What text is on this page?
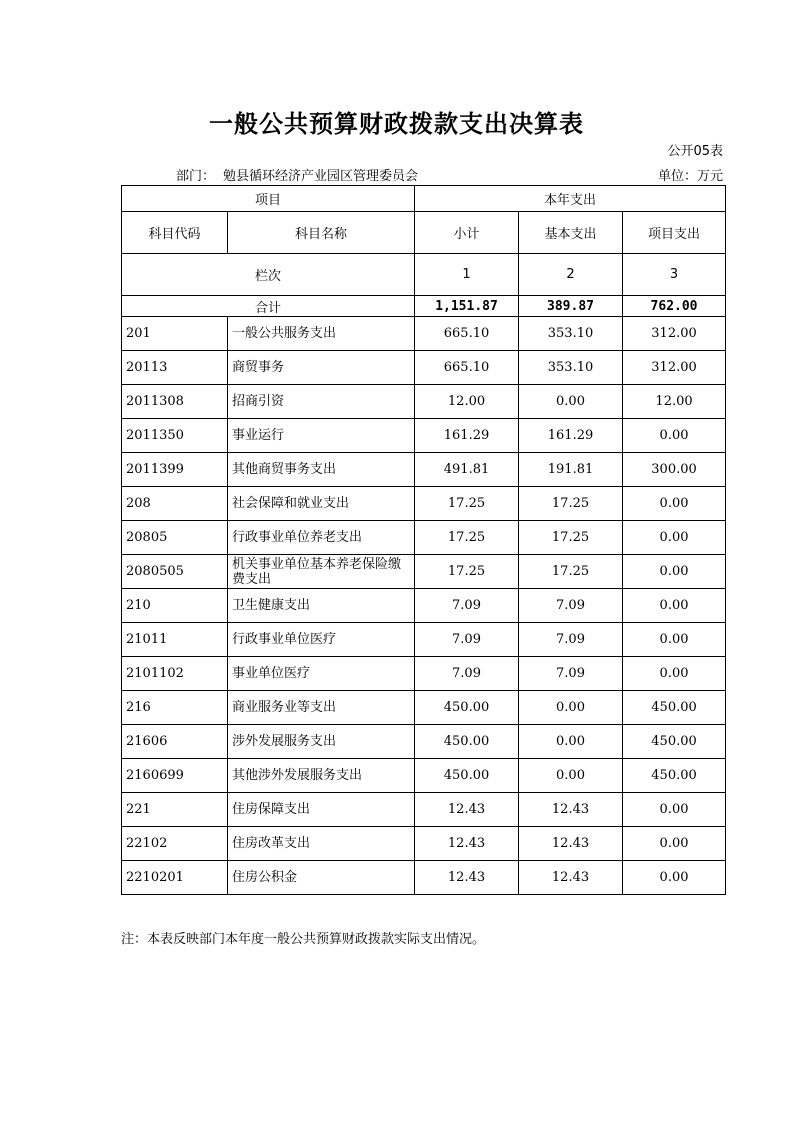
一般公共预算财政拨款支出决算表
公开05表
部门： 勉县循环经济产业园区管理委员会	单位：万元
项目		本年支出		
科目代码	科目名称	小计	基本支出	项目支出
栏次		1	2	3
合计		1,151.87	389.87	762.00
201	一般公共服务支出	665.10	353.10	312.00
20113	商贸事务	665.10	353.10	312.00
2011308	招商引资	12.00	0.00	12.00
2011350	事业运行	161.29	161.29	0.00
2011399	其他商贸事务支出	491.81	191.81	300.00
208	社会保障和就业支出	17.25	17.25	0.00
20805	行政事业单位养老支出	17.25	17.25	0.00
2080505	机关事业单位基本养老保险缴费支出	17.25	17.25	0.00
210	卫生健康支出	7.09	7.09	0.00
21011	行政事业单位医疗	7.09	7.09	0.00
2101102	事业单位医疗	7.09	7.09	0.00
216	商业服务业等支出	450.00	0.00	450.00
21606	涉外发展服务支出	450.00	0.00	450.00
2160699	其他涉外发展服务支出	450.00	0.00	450.00
221	住房保障支出	12.43	12.43	0.00
22102	住房改革支出	12.43	12.43	0.00
2210201	住房公积金	12.43	12.43	0.00
注：本表反映部门本年度一般公共预算财政拨款实际支出情况。
